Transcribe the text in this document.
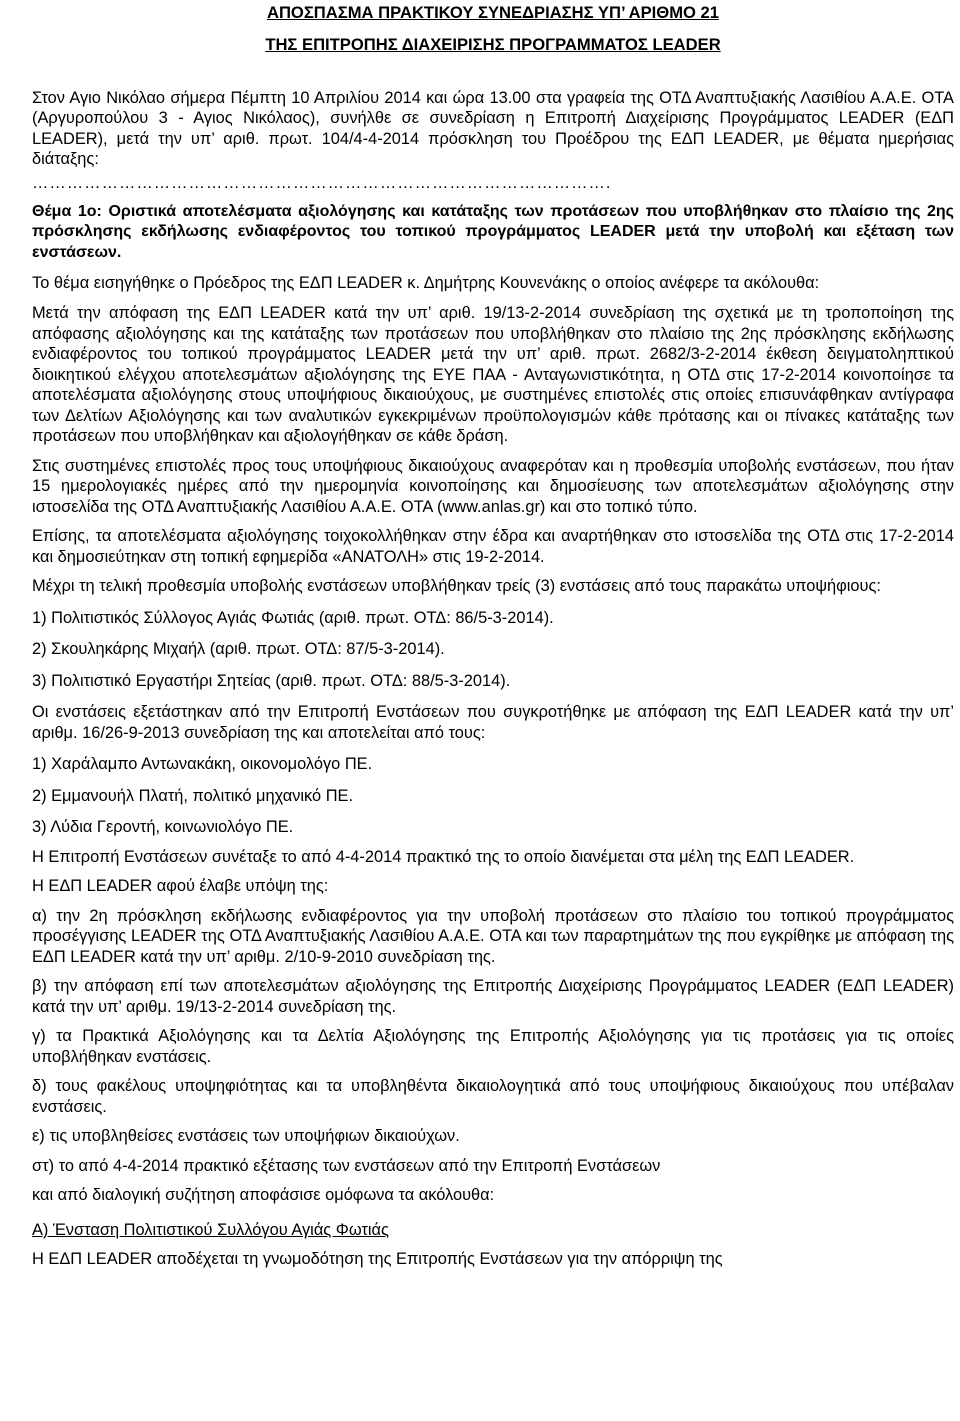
ΑΠΟΣΠΑΣΜΑ ΠΡΑΚΤΙΚΟΥ ΣΥΝΕΔΡΙΑΣΗΣ ΥΠ’ ΑΡΙΘΜΟ 21
ΤΗΣ ΕΠΙΤΡΟΠΗΣ ΔΙΑΧΕΙΡΙΣΗΣ ΠΡΟΓΡΑΜΜΑΤΟΣ LEADER

Στον Αγιο Νικόλαο σήμερα Πέμπτη 10 Απριλίου 2014 και ώρα 13.00 στα γραφεία της ΟΤΔ Αναπτυξιακής Λασιθίου Α.Α.Ε. ΟΤΑ (Αργυροπούλου 3 - Αγιος Νικόλαος), συνήλθε σε συνεδρίαση η Επιτροπή Διαχείρισης Προγράμματος LEADER (ΕΔΠ LEADER), μετά την υπ’ αριθ. πρωτ. 104/4-4-2014 πρόσκληση του Προέδρου της ΕΔΠ LEADER, με θέματα ημερήσιας διάταξης:

……………………………………………………………………………………….

Θέμα 1ο: Οριστικά αποτελέσματα αξιολόγησης και κατάταξης των προτάσεων που υποβλήθηκαν στο πλαίσιο της 2ης πρόσκλησης εκδήλωσης ενδιαφέροντος του τοπικού προγράμματος LEADER μετά την υποβολή και εξέταση των ενστάσεων.

Το θέμα εισηγήθηκε ο Πρόεδρος της ΕΔΠ LEADER κ. Δημήτρης Κουνενάκης ο οποίος ανέφερε τα ακόλουθα:

Μετά την απόφαση της ΕΔΠ LEADER κατά την υπ’ αριθ. 19/13-2-2014 συνεδρίαση της σχετικά με τη τροποποίηση της απόφασης αξιολόγησης και της κατάταξης των προτάσεων που υποβλήθηκαν στο πλαίσιο της 2ης πρόσκλησης εκδήλωσης ενδιαφέροντος του τοπικού προγράμματος LEADER μετά την υπ’ αριθ. πρωτ. 2682/3-2-2014 έκθεση δειγματοληπτικού διοικητικού ελέγχου αποτελεσμάτων αξιολόγησης της ΕΥΕ ΠΑΑ - Ανταγωνιστικότητα, η ΟΤΔ στις 17-2-2014 κοινοποίησε τα αποτελέσματα αξιολόγησης στους υποψήφιους δικαιούχους, με συστημένες επιστολές στις οποίες επισυνάφθηκαν αντίγραφα των Δελτίων Αξιολόγησης και των αναλυτικών εγκεκριμένων προϋπολογισμών κάθε πρότασης και οι πίνακες κατάταξης των προτάσεων που υποβλήθηκαν και αξιολογήθηκαν σε κάθε δράση.

Στις συστημένες επιστολές προς τους υποψήφιους δικαιούχους αναφερόταν και η προθεσμία υποβολής ενστάσεων, που ήταν 15 ημερολογιακές ημέρες από την ημερομηνία κοινοποίησης και δημοσίευσης των αποτελεσμάτων αξιολόγησης στην ιστοσελίδα της ΟΤΔ Αναπτυξιακής Λασιθίου Α.Α.Ε. ΟΤΑ (www.anlas.gr) και στο τοπικό τύπο.

Επίσης, τα αποτελέσματα αξιολόγησης τοιχοκολλήθηκαν στην έδρα και αναρτήθηκαν στο ιστοσελίδα της ΟΤΔ στις 17-2-2014 και δημοσιεύτηκαν στη τοπική εφημερίδα «ΑΝΑΤΟΛΗ» στις 19-2-2014.

Μέχρι τη τελική προθεσμία υποβολής ενστάσεων υποβλήθηκαν τρείς (3) ενστάσεις από τους παρακάτω υποψήφιους:

1) Πολιτιστικός Σύλλογος Αγιάς Φωτιάς (αριθ. πρωτ. ΟΤΔ: 86/5-3-2014).

2) Σκουληκάρης Μιχαήλ (αριθ. πρωτ. ΟΤΔ: 87/5-3-2014).

3) Πολιτιστικό Εργαστήρι Σητείας (αριθ. πρωτ. ΟΤΔ: 88/5-3-2014).

Οι ενστάσεις εξετάστηκαν από την Επιτροπή Ενστάσεων που συγκροτήθηκε με απόφαση της ΕΔΠ LEADER κατά την υπ’ αριθμ. 16/26-9-2013 συνεδρίαση της και αποτελείται από τους:

1) Χαράλαμπο Αντωνακάκη, οικονομολόγο ΠΕ.

2) Εμμανουήλ Πλατή, πολιτικό μηχανικό ΠΕ.

3) Λύδια Γεροντή, κοινωνιολόγο ΠΕ.

Η Επιτροπή Ενστάσεων συνέταξε το από 4-4-2014 πρακτικό της το οποίο διανέμεται στα μέλη της ΕΔΠ LEADER.

Η ΕΔΠ LEADER αφού έλαβε υπόψη της:

α) την 2η πρόσκληση εκδήλωσης ενδιαφέροντος για την υποβολή προτάσεων στο πλαίσιο του τοπικού προγράμματος προσέγγισης LEADER της ΟΤΔ Αναπτυξιακής Λασιθίου Α.Α.Ε. ΟΤΑ και των παραρτημάτων της που εγκρίθηκε με απόφαση της ΕΔΠ LEADER κατά την υπ’ αριθμ. 2/10-9-2010 συνεδρίαση της.

β) την απόφαση επί των αποτελεσμάτων αξιολόγησης της Επιτροπής Διαχείρισης Προγράμματος LEADER (ΕΔΠ LEADER) κατά την υπ’ αριθμ. 19/13-2-2014 συνεδρίαση της.

γ) τα Πρακτικά Αξιολόγησης και τα Δελτία Αξιολόγησης της Επιτροπής Αξιολόγησης για τις προτάσεις για τις οποίες υποβλήθηκαν ενστάσεις.

δ) τους φακέλους υποψηφιότητας και τα υποβληθέντα δικαιολογητικά από τους υποψήφιους δικαιούχους που υπέβαλαν ενστάσεις.

ε) τις υποβληθείσες ενστάσεις των υποψήφιων δικαιούχων.

στ) το από 4-4-2014 πρακτικό εξέτασης των ενστάσεων από την Επιτροπή Ενστάσεων

και από διαλογική συζήτηση αποφάσισε ομόφωνα τα ακόλουθα:

Α) Ένσταση Πολιτιστικού Συλλόγου Αγιάς Φωτιάς

Η ΕΔΠ LEADER αποδέχεται τη γνωμοδότηση της Επιτροπής Ενστάσεων για την απόρριψη της
